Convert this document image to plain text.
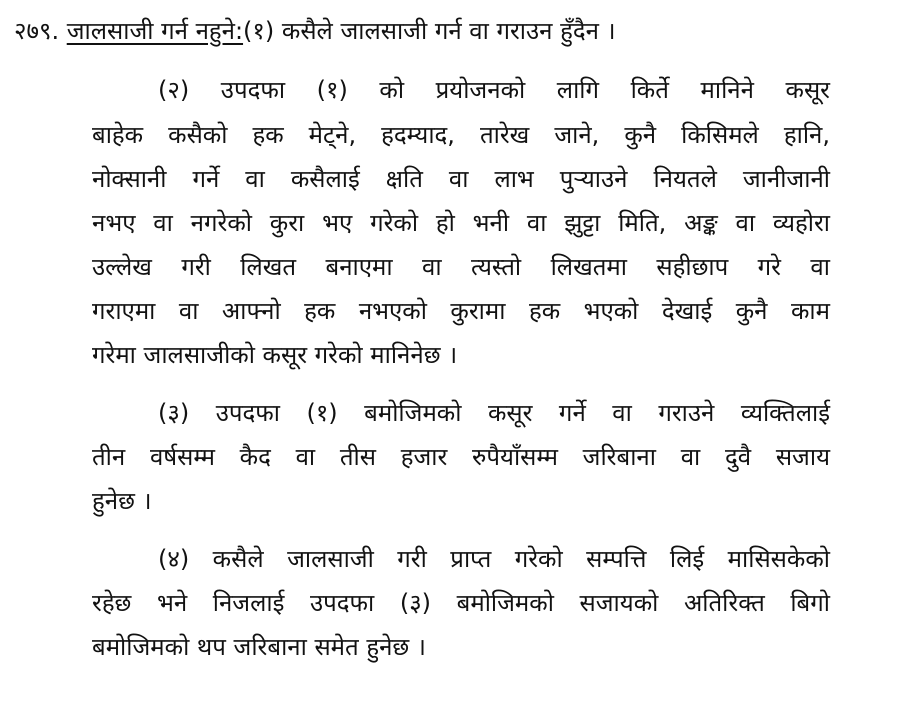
२७९. जालसाजी गर्न नहुने:(१) कसैले जालसाजी गर्न वा गराउन हुँदैन ।
(२) उपदफा (१) को प्रयोजनको लागि किर्ते मानिने कसूर
बाहेक कसैको हक मेट्ने, हदम्याद, तारेख जाने, कुनै किसिमले हानि,
नोक्सानी गर्ने वा कसैलाई क्षति वा लाभ पुऱ्याउने नियतले जानीजानी
नभए वा नगरेको कुरा भए गरेको हो भनी वा झुट्टा मिति, अङ्क वा व्यहोरा
उल्लेख गरी लिखत बनाएमा वा त्यस्तो लिखतमा सहीछाप गरे वा
गराएमा वा आफ्नो हक नभएको कुरामा हक भएको देखाई कुनै काम
गरेमा जालसाजीको कसूर गरेको मानिनेछ ।
(३) उपदफा (१) बमोजिमको कसूर गर्ने वा गराउने व्यक्तिलाई
तीन वर्षसम्म कैद वा तीस हजार रुपैयाँसम्म जरिबाना वा दुवै सजाय
हुनेछ ।
(४) कसैले जालसाजी गरी प्राप्त गरेको सम्पत्ति लिई मासिसकेको
रहेछ भने निजलाई उपदफा (३) बमोजिमको सजायको अतिरिक्त बिगो
बमोजिमको थप जरिबाना समेत हुनेछ ।
